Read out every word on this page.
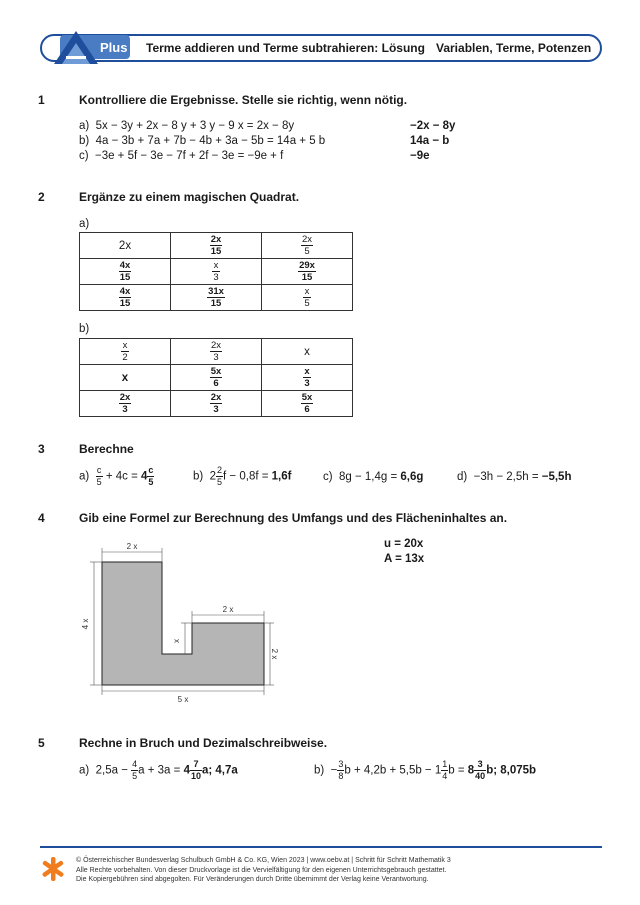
Plus Terme addieren und Terme subtrahieren: Lösung Variablen, Terme, Potenzen
1	Kontrolliere die Ergebnisse. Stelle sie richtig, wenn nötig.
a) 5x − 3y + 2x − 8 y + 3 y − 9 x = 2x − 8y	−2x − 8y
b) 4a − 3b + 7a + 7b − 4b + 3a − 5b = 14a + 5 b	14a − b
c) −3e + 5f − 3e − 7f + 2f − 3e = −9e + f	−9e
2	Ergänze zu einem magischen Quadrat.
a)
2x	$\frac{2x}{15}$	$\frac{2x}{5}$

$\frac{4x}{15}$	$\frac{x}{3}$	$\frac{29x}{15}$

$\frac{4x}{15}$	$\frac{31x}{15}$	$\frac{x}{5}$
b)
$\frac{x}{2}$	$\frac{2x}{3}$	x
x	$\frac{5x}{6}$	$\frac{x}{3}$

$\frac{2x}{3}$	$\frac{2x}{3}$	$\frac{5x}{6}$
3	Berechne
$a) \frac{c}{5} + 4c = 4 \frac{c}{5}$	b) $2 \frac{2}{5}$ f − 0,8f = 1,6f	c) 8g − 1,4g = 6,6g	d) −3h − 2,5h = −5,5h
4	Gib eine Formel zur Berechnung des Umfangs und des Flächeninhaltes an.
u = 20x
A = 13x
2 x
4 x
2 x
x
2 x
5 x
5	Rechne in Bruch und Dezimalschreibweise.
a) $2,5a - \frac{4}{5}$ $a + 3a = 4 \frac{7}{10} a$; 4,7a	$b) - \frac{3}{8}$ $b + 4,2b + 5,5b - 1 \frac{1}{4}$ $b = 8 \frac{3}{40} b$; 8,075b
© Österreichischer Bundesverlag Schulbuch GmbH & Co. KG, Wien 2023 | www.oebv.at | Schritt für Schritt Mathematik 3
Alle Rechte vorbehalten. Von dieser Druckvorlage ist die Vervielfältigung für den eigenen Unterrichtsgebrauch gestattet.
Die Kopiergebühren sind abgegolten. Für Veränderungen durch Dritte übernimmt der Verlag keine Verantwortung.
